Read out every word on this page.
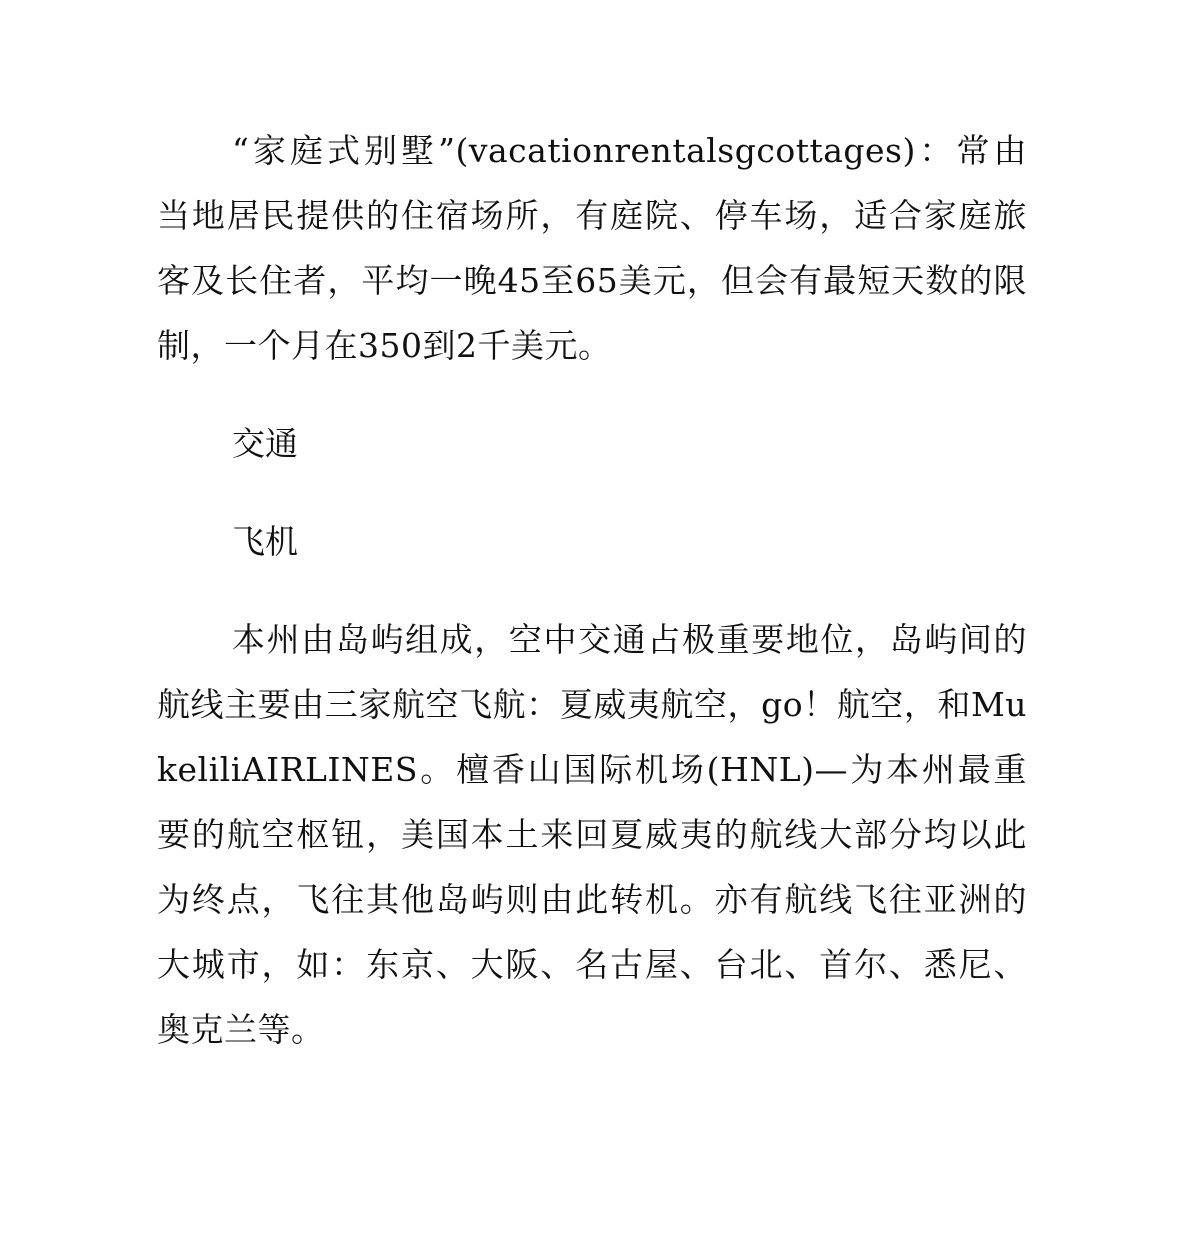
“家庭式别墅”(vacationrentalsgcottages)：常由当地居民提供的住宿场所，有庭院、停车场，适合家庭旅客及长住者，平均一晚45至65美元，但会有最短天数的限制，一个月在350到2千美元。

交通

飞机

本州由岛屿组成，空中交通占极重要地位，岛屿间的航线主要由三家航空飞航：夏威夷航空，go！航空，和MukeliliAIRLINES。檀香山国际机场(HNL)—为本州最重要的航空枢钮，美国本土来回夏威夷的航线大部分均以此为终点，飞往其他岛屿则由此转机。亦有航线飞往亚洲的大城市，如：东京、大阪、名古屋、台北、首尔、悉尼、奥克兰等。
